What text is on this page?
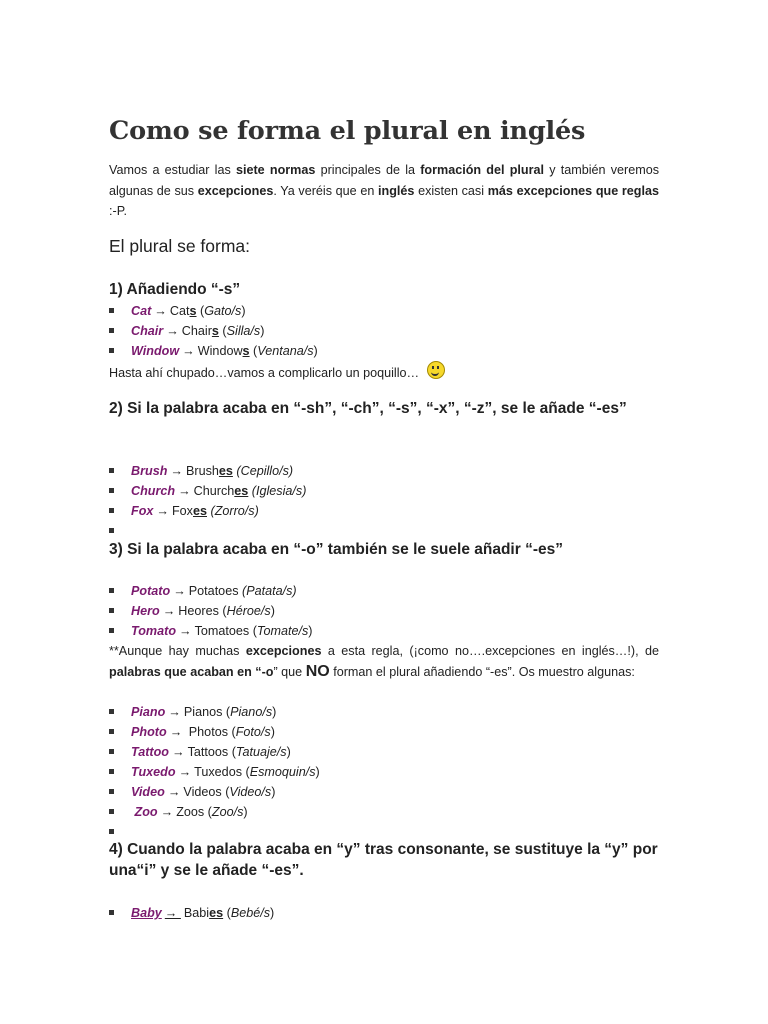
Como se forma el plural en inglés

Vamos a estudiar las siete normas principales de la formación del plural y también veremos algunas de sus excepciones. Ya veréis que en inglés existen casi más excepciones que reglas :-P.

El plural se forma:

1) Añadiendo “-s”
Cat → Cats (Gato/s)
Chair → Chairs (Silla/s)
Window → Windows (Ventana/s)

Hasta ahí chupado…vamos a complicarlo un poquillo…

2) Si la palabra acaba en “-sh”, “-ch”, “-s”, “-x”, “-z”, se le añade “-es”
Brush → Brushes (Cepillo/s)
Church → Churches (Iglesia/s)
Fox → Foxes (Zorro/s)
3) Si la palabra acaba en “-o” también se le suele añadir “-es”
Potato → Potatoes (Patata/s)
Hero → Heores (Héroe/s)
Tomato → Tomatoes (Tomate/s)

**Aunque hay muchas excepciones a esta regla, (¡como no….excepciones en inglés…!), de palabras que acaban en “-o” que NO forman el plural añadiendo “-es”. Os muestro algunas:

Piano → Pianos (Piano/s)
Photo → Photos (Foto/s)
Tattoo → Tattoos (Tatuaje/s)
Tuxedo → Tuxedos (Esmoquin/s)
Video → Videos (Video/s)
Zoo → Zoos (Zoo/s)
4) Cuando la palabra acaba en “y” tras consonante, se sustituye la “y” por una“i” y se le añade “-es”.
Baby → Babies (Bebé/s)
